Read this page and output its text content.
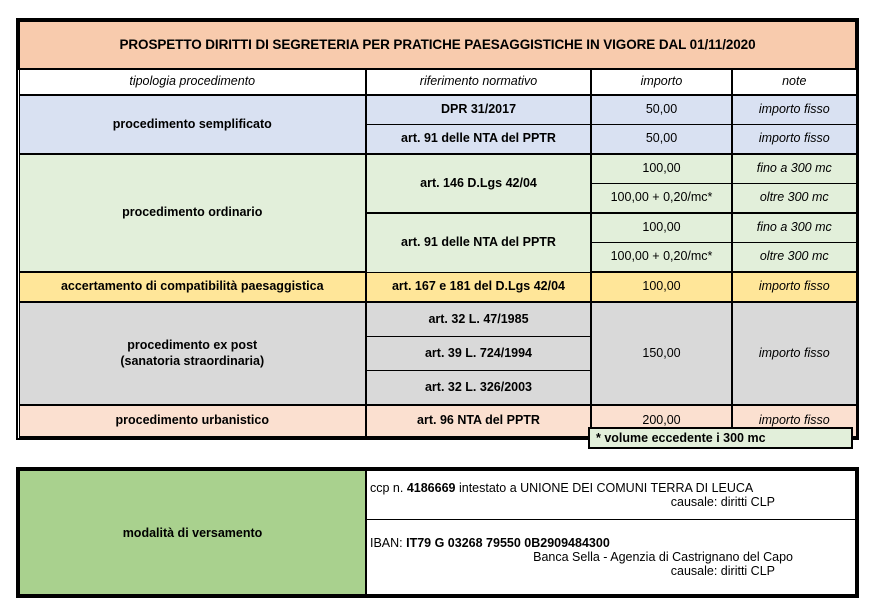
PROSPETTO DIRITTI DI SEGRETERIA PER PRATICHE PAESAGGISTICHE IN VIGORE DAL 01/11/2020			
tipologia procedimento	riferimento normativo	importo	note
procedimento semplificato	DPR 31/2017	50,00	importo fisso
	art. 91 delle NTA del PPTR	50,00	importo fisso
procedimento ordinario	art. 146 D.Lgs 42/04	100,00	fino a 300 mc
		100,00 + 0,20/mc*	oltre 300 mc
	art. 91 delle NTA del PPTR	100,00	fino a 300 mc
		100,00 + 0,20/mc*	oltre 300 mc
accertamento di compatibilità paesaggistica	art. 167 e 181 del D.Lgs 42/04	100,00	importo fisso

procedimento ex post
(sanatoria straordinaria)	art. 32 L. 47/1985	150,00	importo fisso
	art. 39 L. 724/1994		
	art. 32 L. 326/2003		
procedimento urbanistico	art. 96 NTA del PPTR	200,00	importo fisso
* volume eccedente i 300 mc
modalità di versamento	
ccp n. 4186669 intestato a UNIONE DEI COMUNI TERRA DI LEUCA
causale: diritti CLP

IBAN: IT79 G 03268 79550 0B2909484300
Banca Sella - Agenzia di Castrignano del Capo
causale: diritti CLP
